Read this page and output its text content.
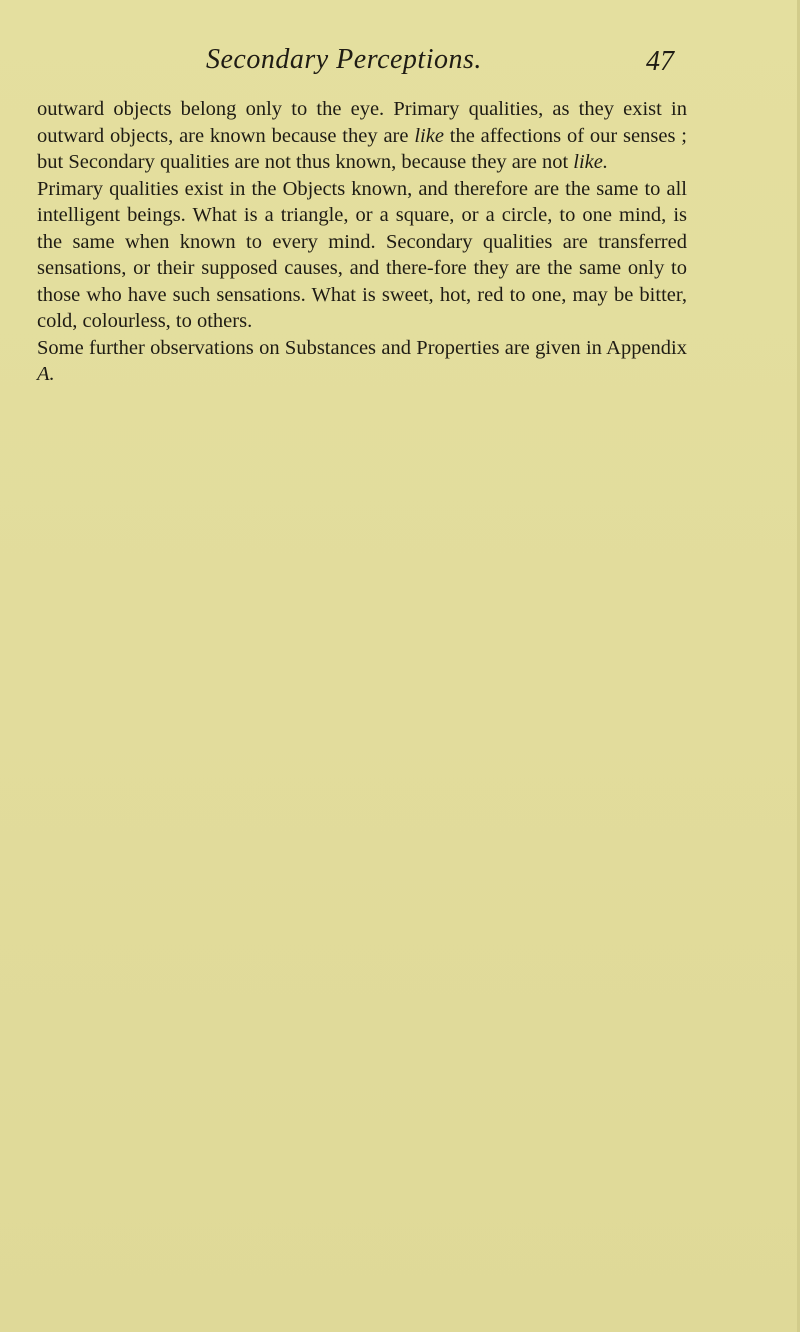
Secondary Perceptions.	47

outward objects belong only to the eye. Primary qualities, as they exist in outward objects, are known because they are like the affections of our senses ; but Secondary qualities are not thus known, because they are not like.

Primary qualities exist in the Objects known, and therefore are the same to all intelligent beings. What is a triangle, or a square, or a circle, to one mind, is the same when known to every mind. Secondary qualities are transferred sensations, or their supposed causes, and there-fore they are the same only to those who have such sensations. What is sweet, hot, red to one, may be bitter, cold, colourless, to others.

Some further observations on Substances and Properties are given in Appendix A.
